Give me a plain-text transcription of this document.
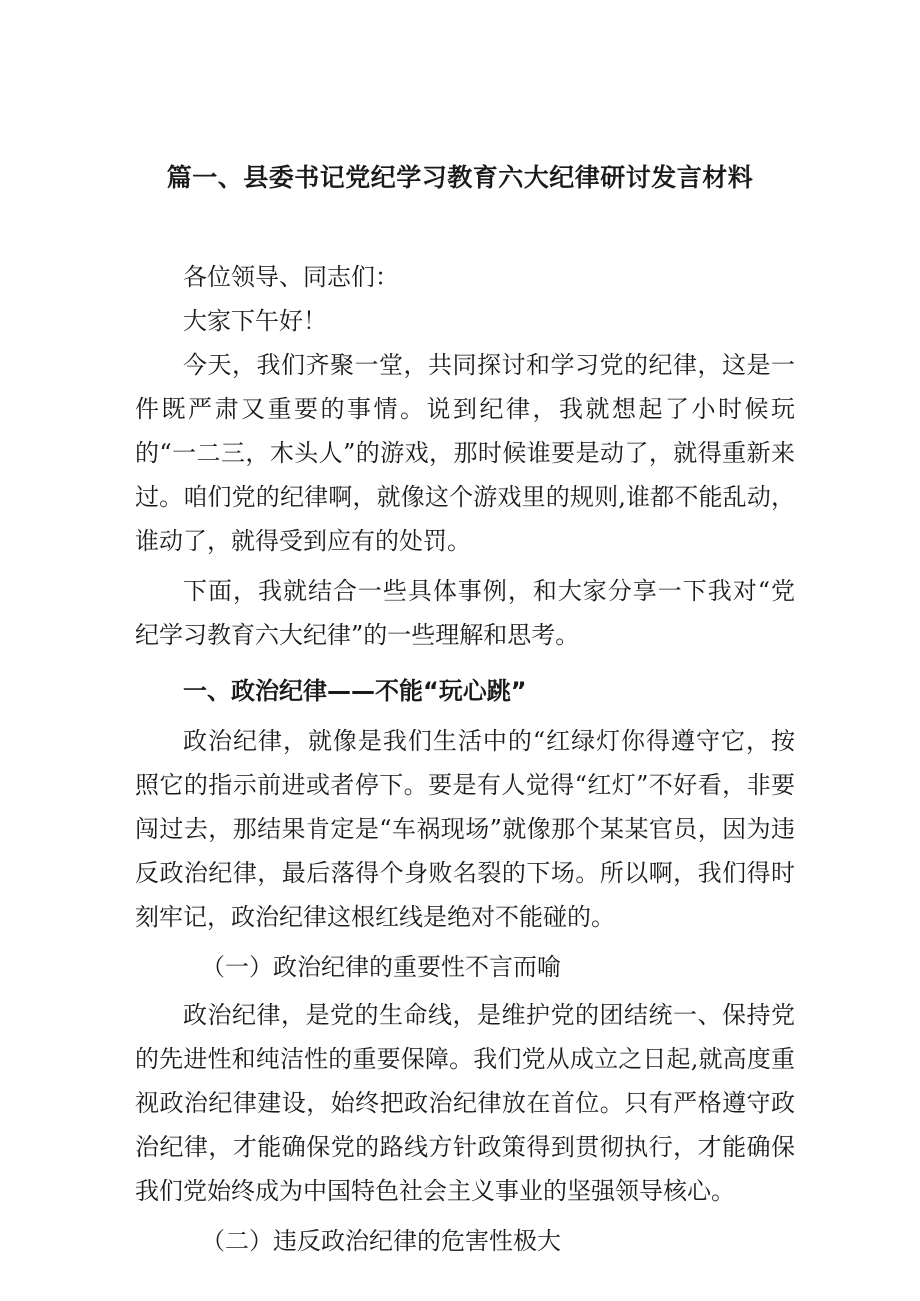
篇一、县委书记党纪学习教育六大纪律研讨发言材料

各位领导、同志们：

大家下午好！

今天，我们齐聚一堂，共同探讨和学习党的纪律，这是一件既严肃又重要的事情。说到纪律，我就想起了小时候玩的“一二三，木头人”的游戏，那时候谁要是动了，就得重新来过。咱们党的纪律啊，就像这个游戏里的规则,谁都不能乱动，谁动了，就得受到应有的处罚。

下面，我就结合一些具体事例，和大家分享一下我对“党纪学习教育六大纪律”的一些理解和思考。

一、政治纪律——不能“玩心跳”

政治纪律，就像是我们生活中的“红绿灯你得遵守它，按照它的指示前进或者停下。要是有人觉得“红灯”不好看，非要闯过去，那结果肯定是“车祸现场”就像那个某某官员，因为违反政治纪律，最后落得个身败名裂的下场。所以啊，我们得时刻牢记，政治纪律这根红线是绝对不能碰的。

（一）政治纪律的重要性不言而喻

政治纪律，是党的生命线，是维护党的团结统一、保持党的先进性和纯洁性的重要保障。我们党从成立之日起,就高度重视政治纪律建设，始终把政治纪律放在首位。只有严格遵守政治纪律，才能确保党的路线方针政策得到贯彻执行，才能确保我们党始终成为中国特色社会主义事业的坚强领导核心。

（二）违反政治纪律的危害性极大
